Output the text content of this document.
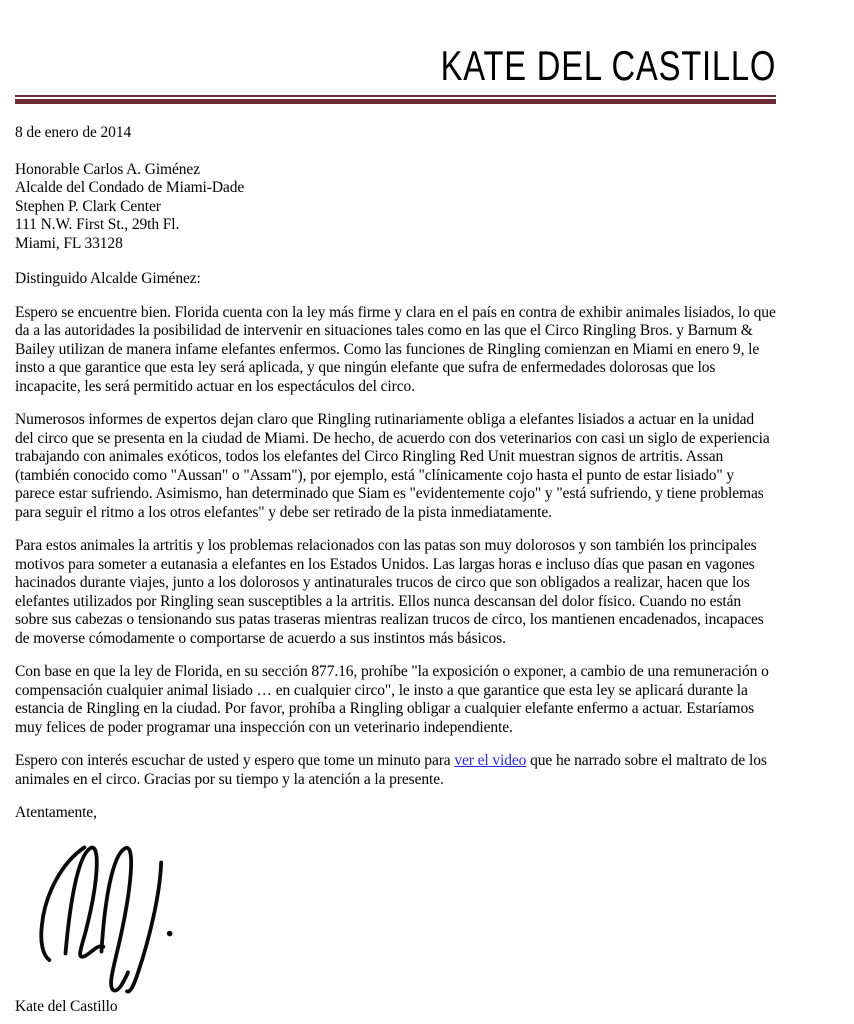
KATE DEL CASTILLO
8 de enero de 2014
Honorable Carlos A. Giménez
Alcalde del Condado de Miami-Dade
Stephen P. Clark Center
111 N.W. First St., 29th Fl.
Miami, FL 33128
Distinguido Alcalde Giménez:

Espero se encuentre bien. Florida cuenta con la ley más firme y clara en el país en contra de exhibir animales lisiados, lo que da a las autoridades la posibilidad de intervenir en situaciones tales como en las que el Circo Ringling Bros. y Barnum & Bailey utilizan de manera infame elefantes enfermos. Como las funciones de Ringling comienzan en Miami en enero 9, le insto a que garantice que esta ley será aplicada, y que ningún elefante que sufra de enfermedades dolorosas que los incapacite, les será permitido actuar en los espectáculos del circo.

Numerosos informes de expertos dejan claro que Ringling rutinariamente obliga a elefantes lisiados a actuar en la unidad del circo que se presenta en la ciudad de Miami. De hecho, de acuerdo con dos veterinarios con casi un siglo de experiencia trabajando con animales exóticos, todos los elefantes del Circo Ringling Red Unit muestran signos de artritis. Assan (también conocido como "Aussan" o "Assam"), por ejemplo, está "clínicamente cojo hasta el punto de estar lisiado" y parece estar sufriendo. Asimismo, han determinado que Siam es "evidentemente cojo" y "está sufriendo, y tiene problemas para seguir el ritmo a los otros elefantes" y debe ser retirado de la pista inmediatamente.

Para estos animales la artritis y los problemas relacionados con las patas son muy dolorosos y son también los principales motivos para someter a eutanasia a elefantes en los Estados Unidos. Las largas horas e incluso días que pasan en vagones hacinados durante viajes, junto a los dolorosos y antinaturales trucos de circo que son obligados a realizar, hacen que los elefantes utilizados por Ringling sean susceptibles a la artritis. Ellos nunca descansan del dolor físico. Cuando no están sobre sus cabezas o tensionando sus patas traseras mientras realizan trucos de circo, los mantienen encadenados, incapaces de moverse cómodamente o comportarse de acuerdo a sus instintos más básicos.

Con base en que la ley de Florida, en su sección 877.16, prohíbe "la exposición o exponer, a cambio de una remuneración o compensación cualquier animal lisiado … en cualquier circo", le insto a que garantice que esta ley se aplicará durante la estancia de Ringling en la ciudad. Por favor, prohíba a Ringling obligar a cualquier elefante enfermo a actuar. Estaríamos muy felices de poder programar una inspección con un veterinario independiente.

Espero con interés escuchar de usted y espero que tome un minuto para ver el video que he narrado sobre el maltrato de los animales en el circo. Gracias por su tiempo y la atención a la presente.

Atentamente,
Kate del Castillo
